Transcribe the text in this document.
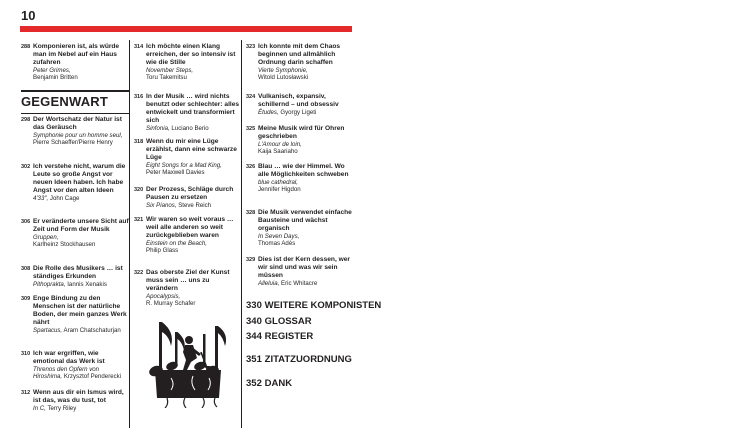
10
288 Komponieren ist, als würde man im Nebel auf ein Haus zufahren
Peter Grimes,
Benjamin Britten
GEGENWART
298 Der Wortschatz der Natur ist das Geräusch
Symphonie pour un homme seul,
Pierre Schaeffer/Pierre Henry
302 Ich verstehe nicht, warum die Leute so große Angst vor neuen Ideen haben. Ich habe Angst vor den alten Ideen
4'33", John Cage
306 Er veränderte unsere Sicht auf Zeit und Form der Musik
Gruppen,
Karlheinz Stockhausen
308 Die Rolle des Musikers … ist ständiges Erkunden
Pithoprakta, Iannis Xenakis
309 Enge Bindung zu den Menschen ist der natürliche Boden, der mein ganzes Werk nährt
Spartacus, Aram Chatschaturjan
310 Ich war ergriffen, wie emotional das Werk ist
Threnos den Opfern von Hiroshima, Krzysztof Penderecki
312 Wenn aus dir ein Ismus wird, ist das, was du tust, tot
In C, Terry Riley
314 Ich möchte einen Klang erreichen, der so intensiv ist wie die Stille
November Steps,
Toru Takemitsu
316 In der Musik … wird nichts benutzt oder schlechter: alles entwickelt und transformiert sich
Sinfonia, Luciano Berio
318 Wenn du mir eine Lüge erzählst, dann eine schwarze Lüge
Eight Songs for a Mad King,
Peter Maxwell Davies
320 Der Prozess, Schläge durch Pausen zu ersetzen
Six Pianos, Steve Reich
321 Wir waren so weit voraus … weil alle anderen so weit zurückgeblieben waren
Einstein on the Beach,
Philip Glass
322 Das oberste Ziel der Kunst muss sein … uns zu verändern
Apocalypsis,
R. Murray Schafer
323 Ich konnte mit dem Chaos beginnen und allmählich Ordnung darin schaffen
Vierte Symphonie,
Witold Lutosławski
324 Vulkanisch, expansiv, schillernd – und obsessiv
Études, Gyorgy Ligeti
325 Meine Musik wird für Ohren geschrieben
L'Amour de loin,
Kaija Saariaho
326 Blau … wie der Himmel. Wo alle Möglichkeiten schweben
blue cathedral,
Jennifer Higdon
328 Die Musik verwendet einfache Bausteine und wächst organisch
In Seven Days,
Thomas Adès
329 Dies ist der Kern dessen, wer wir sind und was wir sein müssen
Alleluia, Eric Whitacre
330 WEITERE KOMPONISTEN
340 GLOSSAR
344 REGISTER
351 ZITATZUORDNUNG
352 DANK
